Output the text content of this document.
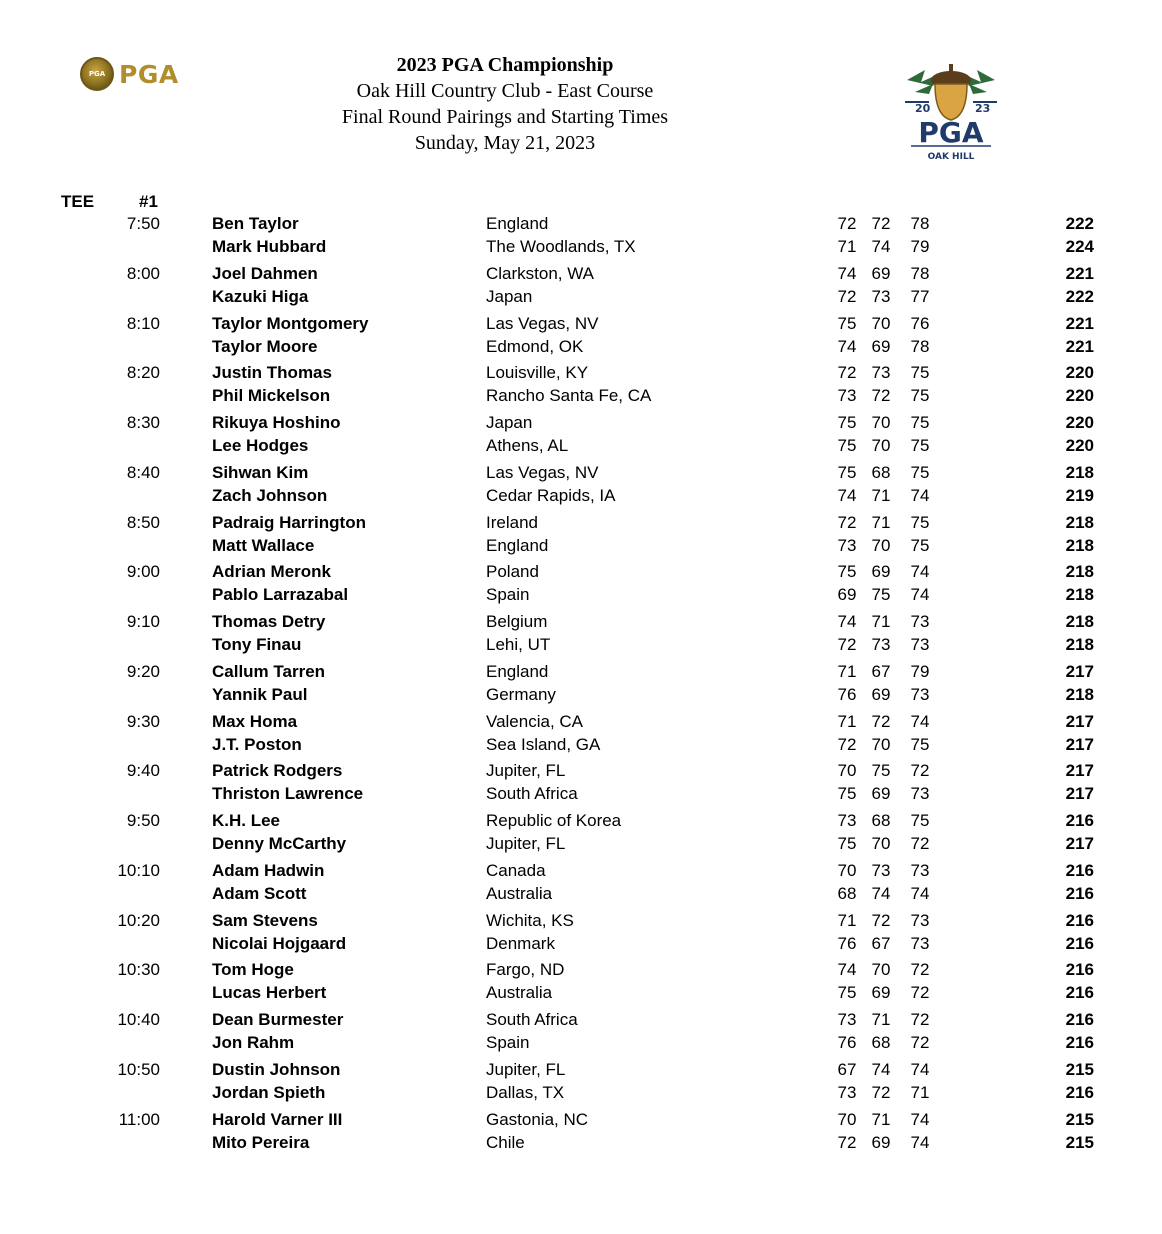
PGA PGA	2023 PGA Championship
Oak Hill Country Club - East Course
Final Round Pairings and Starting Times
Sunday, May 21, 2023
20	23
PGA
OAK HILL
TEE	#1
7:50	Ben Taylor	England	72 72 78	222
Mark Hubbard	The Woodlands, TX	71 74 79	224
8:00	Joel Dahmen	Clarkston, WA	74 69 78	221
Kazuki Higa	Japan	72 73 77	222
8:10	Taylor Montgomery	Las Vegas, NV	75 70 76	221
Taylor Moore	Edmond, OK	74 69 78	221
8:20	Justin Thomas	Louisville, KY	72 73 75	220
Phil Mickelson	Rancho Santa Fe, CA	73 72 75	220
8:30	Rikuya Hoshino	Japan	75 70 75	220
Lee Hodges	Athens, AL	75 70 75	220
8:40	Sihwan Kim	Las Vegas, NV	75 68 75	218
Zach Johnson	Cedar Rapids, IA	74 71 74	219
8:50	Padraig Harrington	Ireland	72 71 75	218
Matt Wallace	England	73 70 75	218
9:00	Adrian Meronk	Poland	75 69 74	218
Pablo Larrazabal	Spain	69 75 74	218
9:10	Thomas Detry	Belgium	74 71 73	218
Tony Finau	Lehi, UT	72 73 73	218
9:20	Callum Tarren	England	71 67 79	217
Yannik Paul	Germany	76 69 73	218
9:30	Max Homa	Valencia, CA	71 72 74	217
J.T. Poston	Sea Island, GA	72 70 75	217
9:40	Patrick Rodgers	Jupiter, FL	70 75 72	217
Thriston Lawrence	South Africa	75 69 73	217
9:50	K.H. Lee	Republic of Korea	73 68 75	216
Denny McCarthy	Jupiter, FL	75 70 72	217
10:10	Adam Hadwin	Canada	70 73 73	216
Adam Scott	Australia	68 74 74	216
10:20	Sam Stevens	Wichita, KS	71 72 73	216
Nicolai Hojgaard	Denmark	76 67 73	216
10:30	Tom Hoge	Fargo, ND	74 70 72	216
Lucas Herbert	Australia	75 69 72	216
10:40	Dean Burmester	South Africa	73 71 72	216
Jon Rahm	Spain	76 68 72	216
10:50	Dustin Johnson	Jupiter, FL	67 74 74	215
Jordan Spieth	Dallas, TX	73 72 71	216
11:00	Harold Varner III	Gastonia, NC	70 71 74	215
Mito Pereira	Chile	72 69 74	215
